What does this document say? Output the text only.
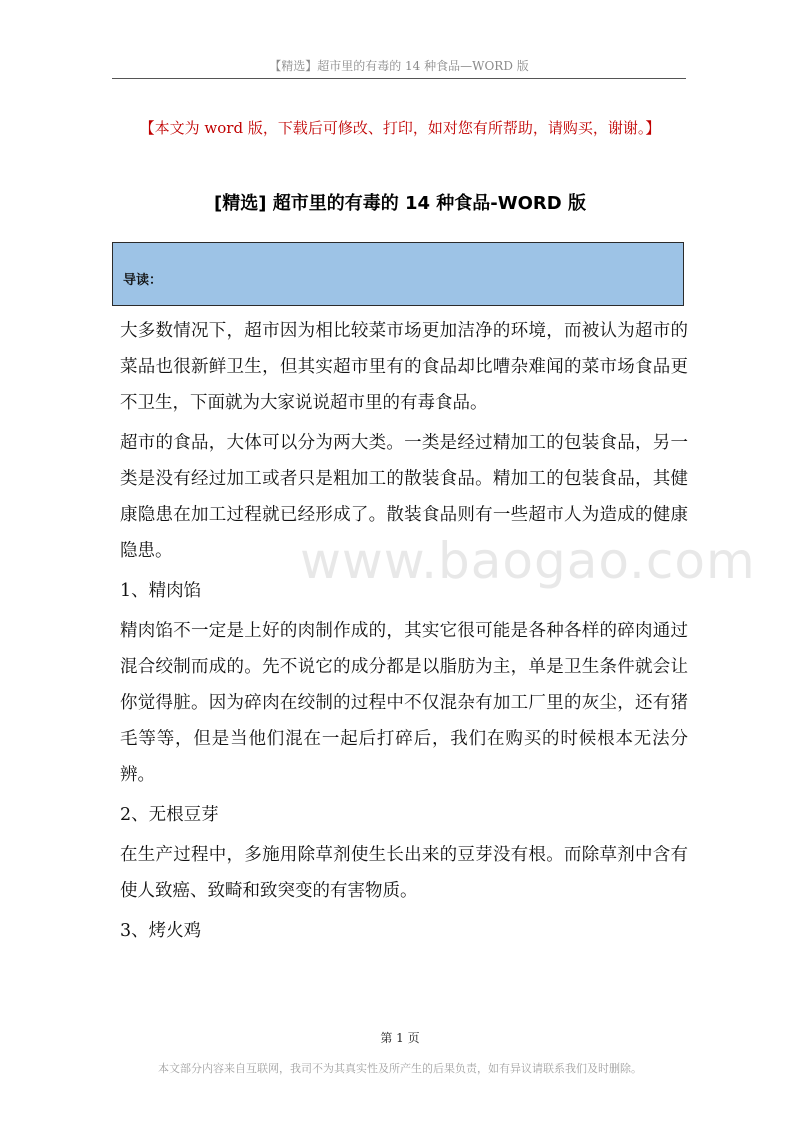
【精选】超市里的有毒的 14 种食品—WORD 版
【本文为 word 版，下载后可修改、打印，如对您有所帮助，请购买，谢谢。】
[精选] 超市里的有毒的 14 种食品-WORD 版
导读：
www.baogao.com

大多数情况下，超市因为相比较菜市场更加洁净的环境，而被认为超市的菜品也很新鲜卫生，但其实超市里有的食品却比嘈杂难闻的菜市场食品更不卫生，下面就为大家说说超市里的有毒食品。

超市的食品，大体可以分为两大类。一类是经过精加工的包装食品，另一类是没有经过加工或者只是粗加工的散装食品。精加工的包装食品，其健康隐患在加工过程就已经形成了。散装食品则有一些超市人为造成的健康隐患。

1、精肉馅

精肉馅不一定是上好的肉制作成的，其实它很可能是各种各样的碎肉通过混合绞制而成的。先不说它的成分都是以脂肪为主，单是卫生条件就会让你觉得脏。因为碎肉在绞制的过程中不仅混杂有加工厂里的灰尘，还有猪毛等等，但是当他们混在一起后打碎后，我们在购买的时候根本无法分辨。

2、无根豆芽

在生产过程中，多施用除草剂使生长出来的豆芽没有根。而除草剂中含有使人致癌、致畸和致突变的有害物质。

3、烤火鸡

第 1 页
本文部分内容来自互联网，我司不为其真实性及所产生的后果负责，如有异议请联系我们及时删除。
